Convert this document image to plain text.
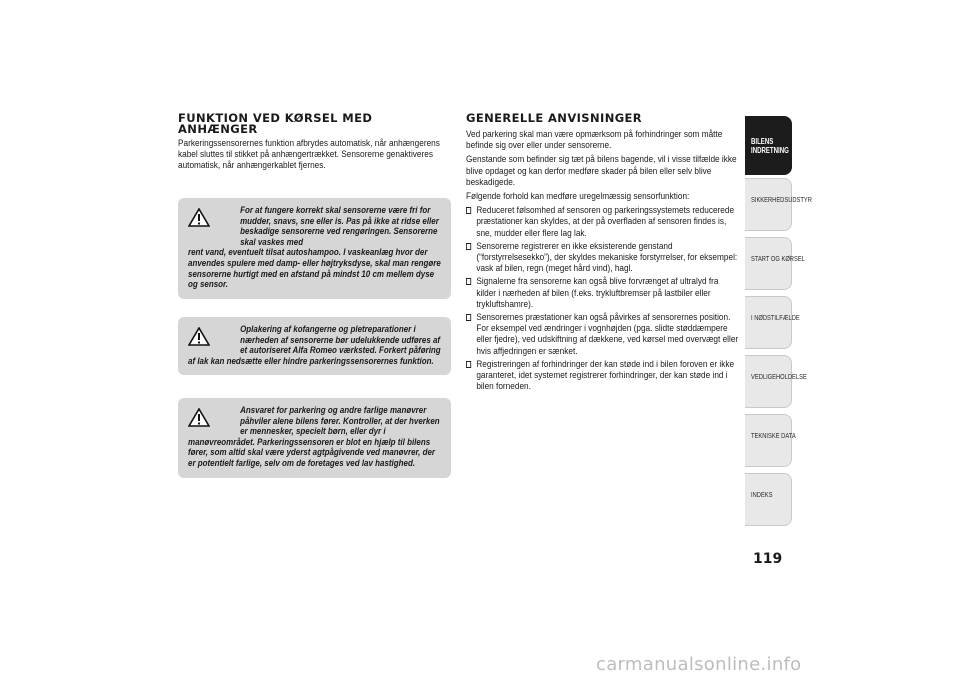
FUNKTION VED KØRSEL MED ANHÆNGER

Parkeringssensorernes funktion afbrydes automatisk, når anhængerens kabel sluttes til stikket på anhængertrækket. Sensorerne genaktiveres automatisk, når anhængerkablet fjernes.

For at fungere korrekt skal sensorerne være fri for mudder, snavs, sne eller is. Pas på ikke at ridse eller beskadige sensorerne ved rengøringen. Sensorerne skal vaskes med
rent vand, eventuelt tilsat autoshampoo. I vaskeanlæg hvor der anvendes spulere med damp- eller højtryksdyse, skal man rengøre sensorerne hurtigt med en afstand på mindst 10 cm mellem dyse og sensor.

Oplakering af kofangerne og pletreparationer i nærheden af sensorerne bør udelukkende udføres af et autoriseret Alfa Romeo værksted. Forkert påføring
af lak kan nedsætte eller hindre parkeringssensorernes funktion.

Ansvaret for parkering og andre farlige manøvrer påhviler alene bilens fører. Kontroller, at der hverken er mennesker, specielt børn, eller dyr i
manøvreområdet. Parkeringssensoren er blot en hjælp til bilens fører, som altid skal være yderst agtpågivende ved manøvrer, der er potentielt farlige, selv om de foretages ved lav hastighed.

GENERELLE ANVISNINGER

Ved parkering skal man være opmærksom på forhindringer som måtte befinde sig over eller under sensorerne.

Genstande som befinder sig tæt på bilens bagende, vil i visse tilfælde ikke blive opdaget og kan derfor medføre skader på bilen eller selv blive beskadigede.

Følgende forhold kan medføre uregelmæssig sensorfunktion:

Reduceret følsomhed af sensoren og parkeringssystemets reducerede præstationer kan skyldes, at der på overfladen af sensoren findes is, sne, mudder eller flere lag lak.
Sensorerne registrerer en ikke eksisterende genstand (“forstyrrelsesekko”), der skyldes mekaniske forstyrrelser, for eksempel: vask af bilen, regn (meget hård vind), hagl.
Signalerne fra sensorerne kan også blive forvrænget af ultralyd fra kilder i nærheden af bilen (f.eks. trykluftbremser på lastbiler eller trykluftshamre).
Sensorernes præstationer kan også påvirkes af sensorernes position. For eksempel ved ændringer i vognhøjden (pga. slidte støddæmpere eller fjedre), ved udskiftning af dækkene, ved kørsel med overvægt eller hvis affjedringen er sænket.
Registreringen af forhindringer der kan støde ind i bilen foroven er ikke garanteret, idet systemet registrerer forhindringer, der kan støde ind i bilen forneden.
BILENS
INDRETNING
SIKKERHEDSUDSTYR
START OG KØRSEL
I NØDSTILFÆLDE
VEDLIGEHOLDELSE
TEKNISKE DATA
INDEKS
119
carmanualsonline.info
